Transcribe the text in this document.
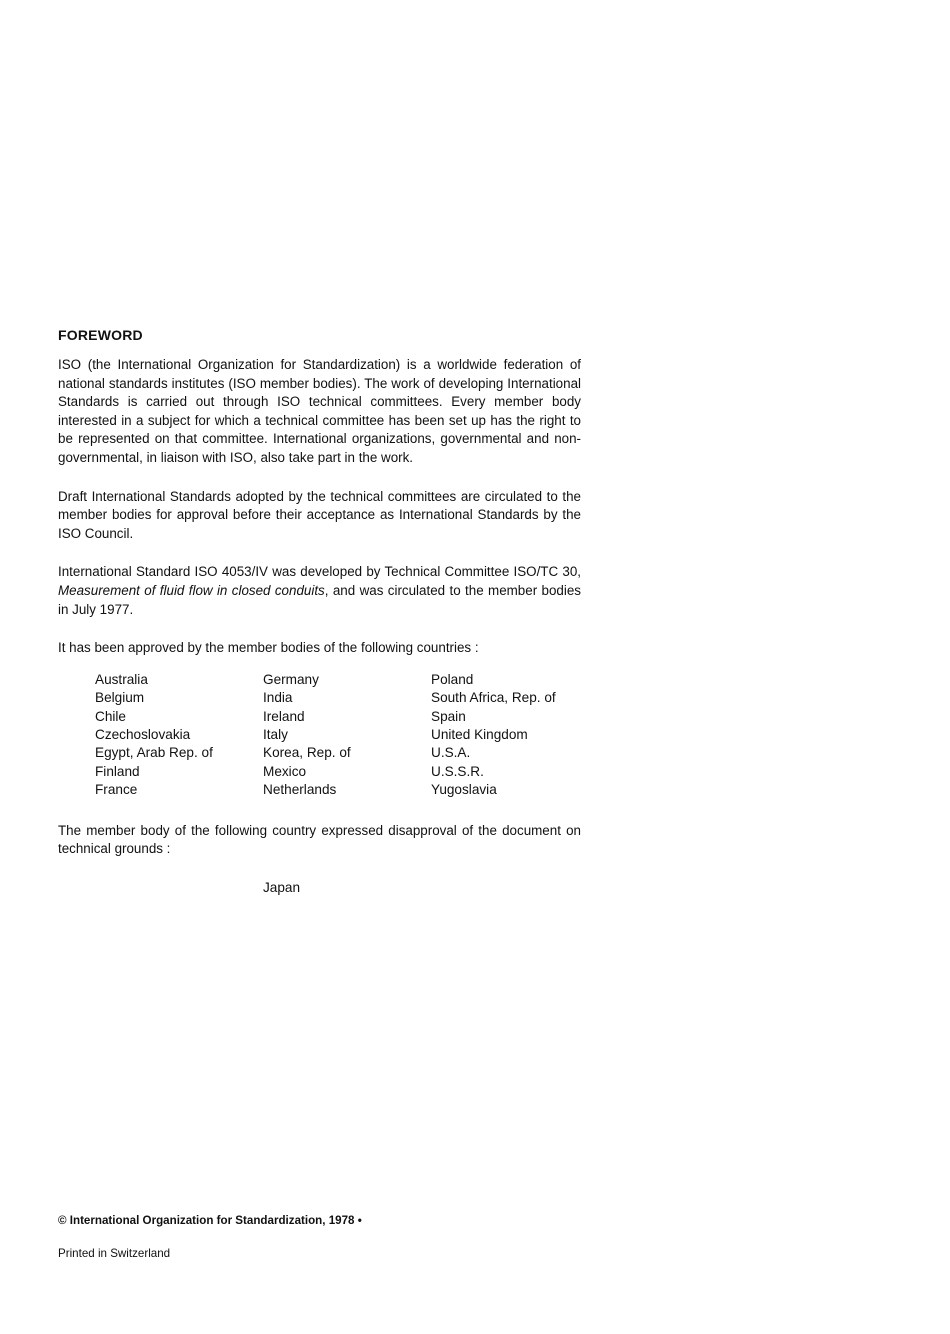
FOREWORD

ISO (the International Organization for Standardization) is a worldwide federation of national standards institutes (ISO member bodies). The work of developing International Standards is carried out through ISO technical committees. Every member body interested in a subject for which a technical committee has been set up has the right to be represented on that committee. International organizations, governmental and non-governmental, in liaison with ISO, also take part in the work.

Draft International Standards adopted by the technical committees are circulated to the member bodies for approval before their acceptance as International Standards by the ISO Council.

International Standard ISO 4053/IV was developed by Technical Committee ISO/TC 30, Measurement of fluid flow in closed conduits, and was circulated to the member bodies in July 1977.

It has been approved by the member bodies of the following countries :

Australia
Belgium
Chile
Czechoslovakia
Egypt, Arab Rep. of
Finland
France
Germany
India
Ireland
Italy
Korea, Rep. of
Mexico
Netherlands
Poland
South Africa, Rep. of
Spain
United Kingdom
U.S.A.
U.S.S.R.
Yugoslavia

The member body of the following country expressed disapproval of the document on technical grounds :

Japan
© International Organization for Standardization, 1978 •
Printed in Switzerland
